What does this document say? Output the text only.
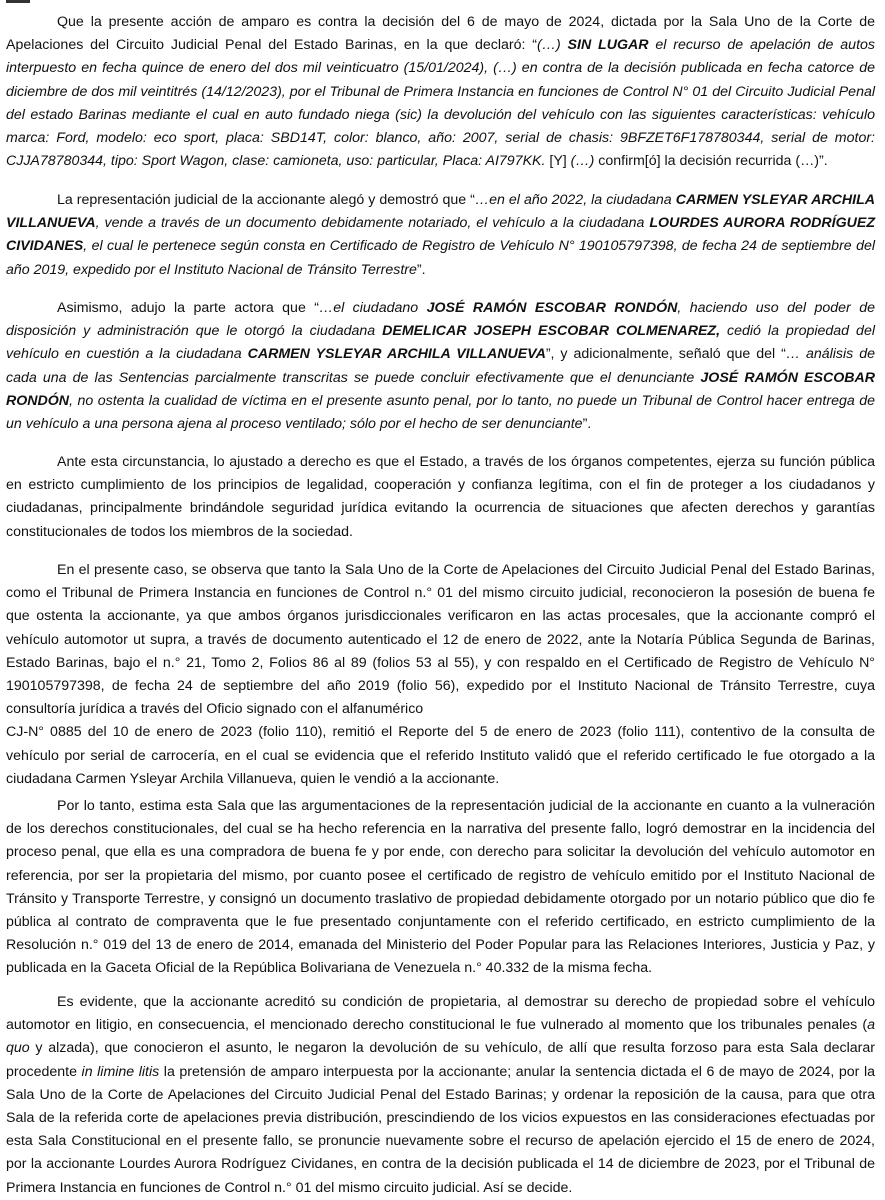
Que la presente acción de amparo es contra la decisión del 6 de mayo de 2024, dictada por la Sala Uno de la Corte de Apelaciones del Circuito Judicial Penal del Estado Barinas, en la que declaró: “(…) SIN LUGAR el recurso de apelación de autos interpuesto en fecha quince de enero del dos mil veinticuatro (15/01/2024), (…) en contra de la decisión publicada en fecha catorce de diciembre de dos mil veintitrés (14/12/2023), por el Tribunal de Primera Instancia en funciones de Control N° 01 del Circuito Judicial Penal del estado Barinas mediante el cual en auto fundado niega (sic) la devolución del vehículo con las siguientes características: vehículo marca: Ford, modelo: eco sport, placa: SBD14T, color: blanco, año: 2007, serial de chasis: 9BFZET6F178780344, serial de motor: CJJA78780344, tipo: Sport Wagon, clase: camioneta, uso: particular, Placa: AI797KK. [Y] (…) confirm[ó] la decisión recurrida (…)”.

La representación judicial de la accionante alegó y demostró que “…en el año 2022, la ciudadana CARMEN YSLEYAR ARCHILA VILLANUEVA, vende a través de un documento debidamente notariado, el vehículo a la ciudadana LOURDES AURORA RODRÍGUEZ CIVIDANES, el cual le pertenece según consta en Certificado de Registro de Vehículo N° 190105797398, de fecha 24 de septiembre del año 2019, expedido por el Instituto Nacional de Tránsito Terrestre”.

Asimismo, adujo la parte actora que “…el ciudadano JOSÉ RAMÓN ESCOBAR RONDÓN, haciendo uso del poder de disposición y administración que le otorgó la ciudadana DEMELICAR JOSEPH ESCOBAR COLMENAREZ, cedió la propiedad del vehículo en cuestión a la ciudadana CARMEN YSLEYAR ARCHILA VILLANUEVA”, y adicionalmente, señaló que del “… análisis de cada una de las Sentencias parcialmente transcritas se puede concluir efectivamente que el denunciante JOSÉ RAMÓN ESCOBAR RONDÓN, no ostenta la cualidad de víctima en el presente asunto penal, por lo tanto, no puede un Tribunal de Control hacer entrega de un vehículo a una persona ajena al proceso ventilado; sólo por el hecho de ser denunciante”.

Ante esta circunstancia, lo ajustado a derecho es que el Estado, a través de los órganos competentes, ejerza su función pública en estricto cumplimiento de los principios de legalidad, cooperación y confianza legítima, con el fin de proteger a los ciudadanos y ciudadanas, principalmente brindándole seguridad jurídica evitando la ocurrencia de situaciones que afecten derechos y garantías constitucionales de todos los miembros de la sociedad.

En el presente caso, se observa que tanto la Sala Uno de la Corte de Apelaciones del Circuito Judicial Penal del Estado Barinas, como el Tribunal de Primera Instancia en funciones de Control n.° 01 del mismo circuito judicial, reconocieron la posesión de buena fe que ostenta la accionante, ya que ambos órganos jurisdiccionales verificaron en las actas procesales, que la accionante compró el vehículo automotor ut supra, a través de documento autenticado el 12 de enero de 2022, ante la Notaría Pública Segunda de Barinas, Estado Barinas, bajo el n.° 21, Tomo 2, Folios 86 al 89 (folios 53 al 55), y con respaldo en el Certificado de Registro de Vehículo N° 190105797398, de fecha 24 de septiembre del año 2019 (folio 56), expedido por el Instituto Nacional de Tránsito Terrestre, cuya consultoría jurídica a través del Oficio signado con el alfanumérico

CJ-N° 0885 del 10 de enero de 2023 (folio 110), remitió el Reporte del 5 de enero de 2023 (folio 111), contentivo de la consulta de vehículo por serial de carrocería, en el cual se evidencia que el referido Instituto validó que el referido certificado le fue otorgado a la ciudadana Carmen Ysleyar Archila Villanueva, quien le vendió a la accionante.

Por lo tanto, estima esta Sala que las argumentaciones de la representación judicial de la accionante en cuanto a la vulneración de los derechos constitucionales, del cual se ha hecho referencia en la narrativa del presente fallo, logró demostrar en la incidencia del proceso penal, que ella es una compradora de buena fe y por ende, con derecho para solicitar la devolución del vehículo automotor en referencia, por ser la propietaria del mismo, por cuanto posee el certificado de registro de vehículo emitido por el Instituto Nacional de Tránsito y Transporte Terrestre, y consignó un documento traslativo de propiedad debidamente otorgado por un notario público que dio fe pública al contrato de compraventa que le fue presentado conjuntamente con el referido certificado, en estricto cumplimiento de la Resolución n.° 019 del 13 de enero de 2014, emanada del Ministerio del Poder Popular para las Relaciones Interiores, Justicia y Paz, y publicada en la Gaceta Oficial de la República Bolivariana de Venezuela n.° 40.332 de la misma fecha.

Es evidente, que la accionante acreditó su condición de propietaria, al demostrar su derecho de propiedad sobre el vehículo automotor en litigio, en consecuencia, el mencionado derecho constitucional le fue vulnerado al momento que los tribunales penales (a quo y alzada), que conocieron el asunto, le negaron la devolución de su vehículo, de allí que resulta forzoso para esta Sala declarar procedente in limine litis la pretensión de amparo interpuesta por la accionante; anular la sentencia dictada el 6 de mayo de 2024, por la Sala Uno de la Corte de Apelaciones del Circuito Judicial Penal del Estado Barinas; y ordenar la reposición de la causa, para que otra Sala de la referida corte de apelaciones previa distribución, prescindiendo de los vicios expuestos en las consideraciones efectuadas por esta Sala Constitucional en el presente fallo, se pronuncie nuevamente sobre el recurso de apelación ejercido el 15 de enero de 2024, por la accionante Lourdes Aurora Rodríguez Cividanes, en contra de la decisión publicada el 14 de diciembre de 2023, por el Tribunal de Primera Instancia en funciones de Control n.° 01 del mismo circuito judicial. Así se decide.
